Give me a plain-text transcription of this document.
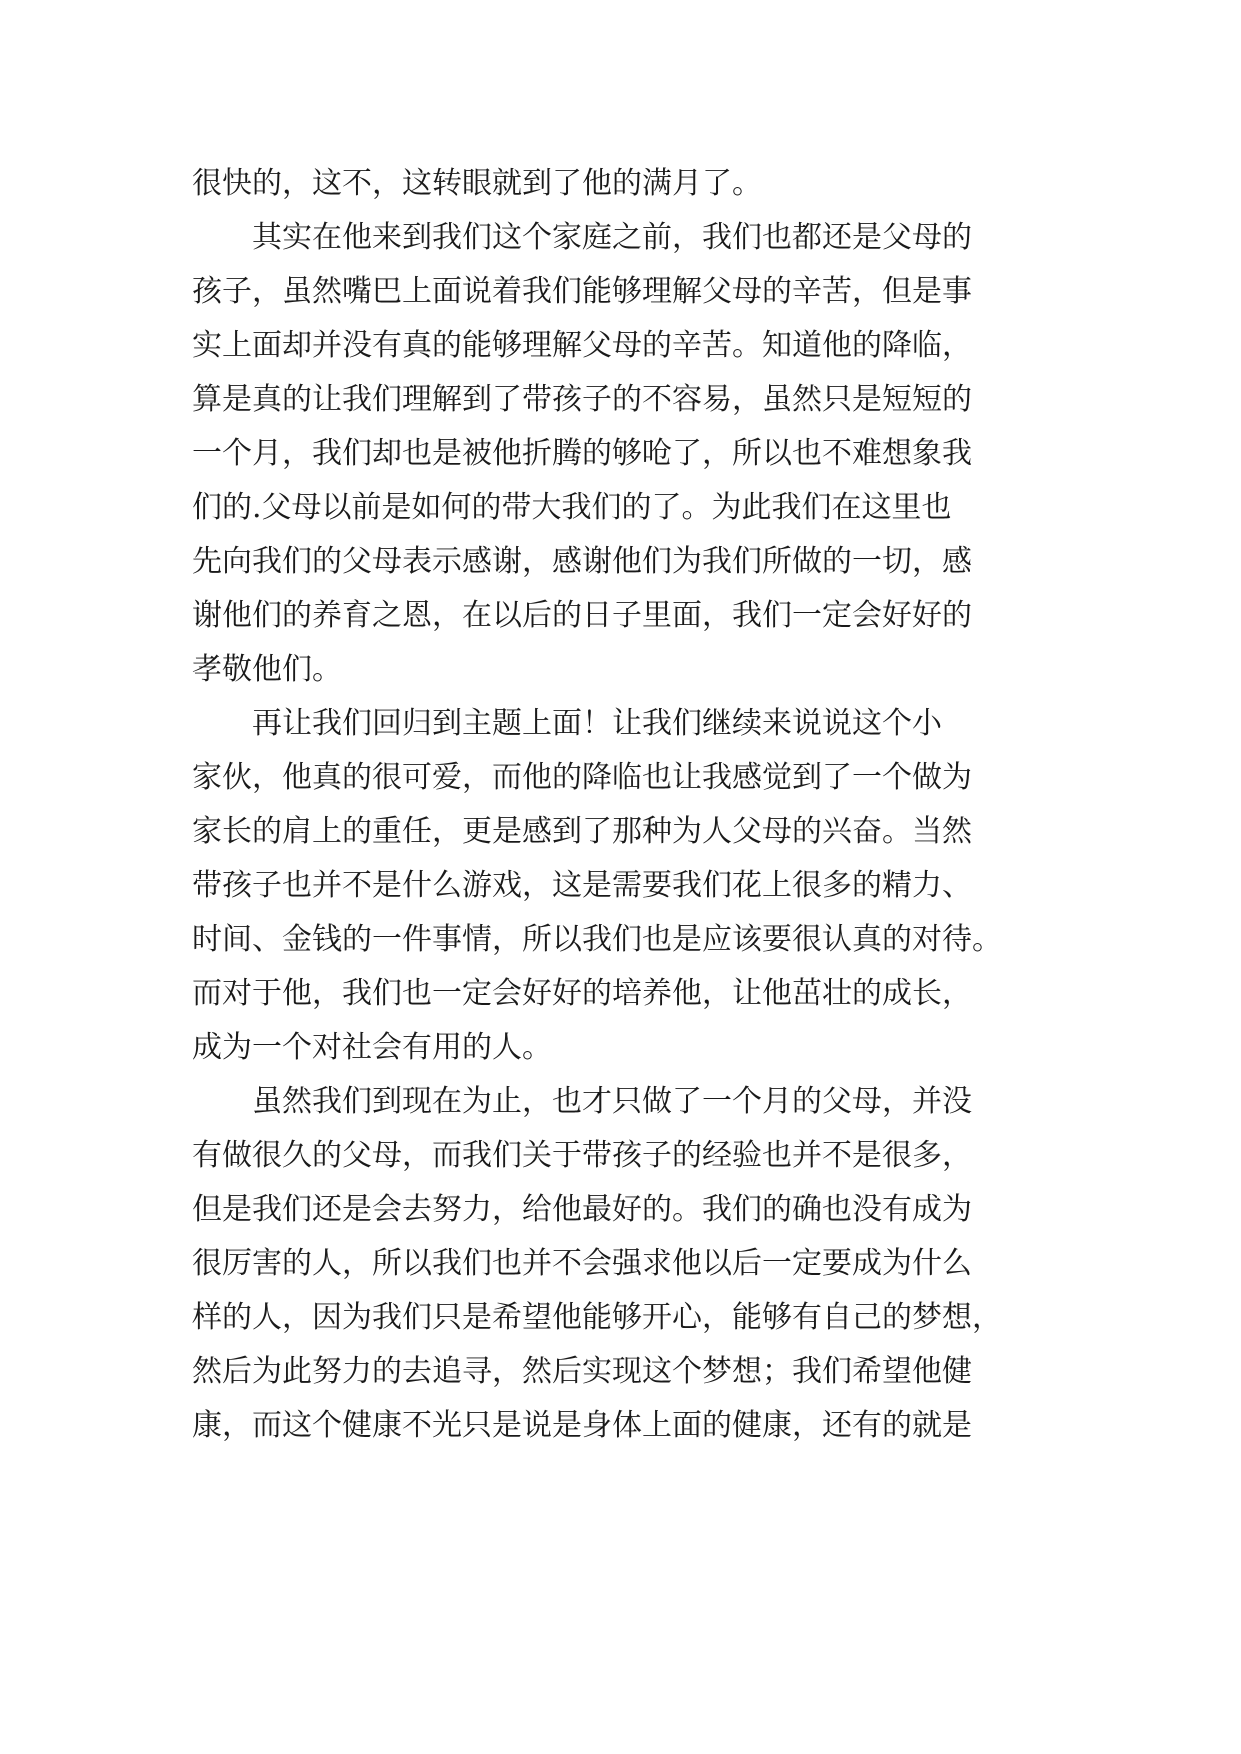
很快的，这不，这转眼就到了他的满月了。
其实在他来到我们这个家庭之前，我们也都还是父母的
孩子，虽然嘴巴上面说着我们能够理解父母的辛苦，但是事
实上面却并没有真的能够理解父母的辛苦。知道他的降临，
算是真的让我们理解到了带孩子的不容易，虽然只是短短的
一个月，我们却也是被他折腾的够呛了，所以也不难想象我
们的.父母以前是如何的带大我们的了。为此我们在这里也
先向我们的父母表示感谢，感谢他们为我们所做的一切，感
谢他们的养育之恩，在以后的日子里面，我们一定会好好的
孝敬他们。
再让我们回归到主题上面！让我们继续来说说这个小
家伙，他真的很可爱，而他的降临也让我感觉到了一个做为
家长的肩上的重任，更是感到了那种为人父母的兴奋。当然
带孩子也并不是什么游戏，这是需要我们花上很多的精力、
时间、金钱的一件事情，所以我们也是应该要很认真的对待。
而对于他，我们也一定会好好的培养他，让他茁壮的成长，
成为一个对社会有用的人。
虽然我们到现在为止，也才只做了一个月的父母，并没
有做很久的父母，而我们关于带孩子的经验也并不是很多，
但是我们还是会去努力，给他最好的。我们的确也没有成为
很厉害的人，所以我们也并不会强求他以后一定要成为什么
样的人，因为我们只是希望他能够开心，能够有自己的梦想，
然后为此努力的去追寻，然后实现这个梦想；我们希望他健
康，而这个健康不光只是说是身体上面的健康，还有的就是
